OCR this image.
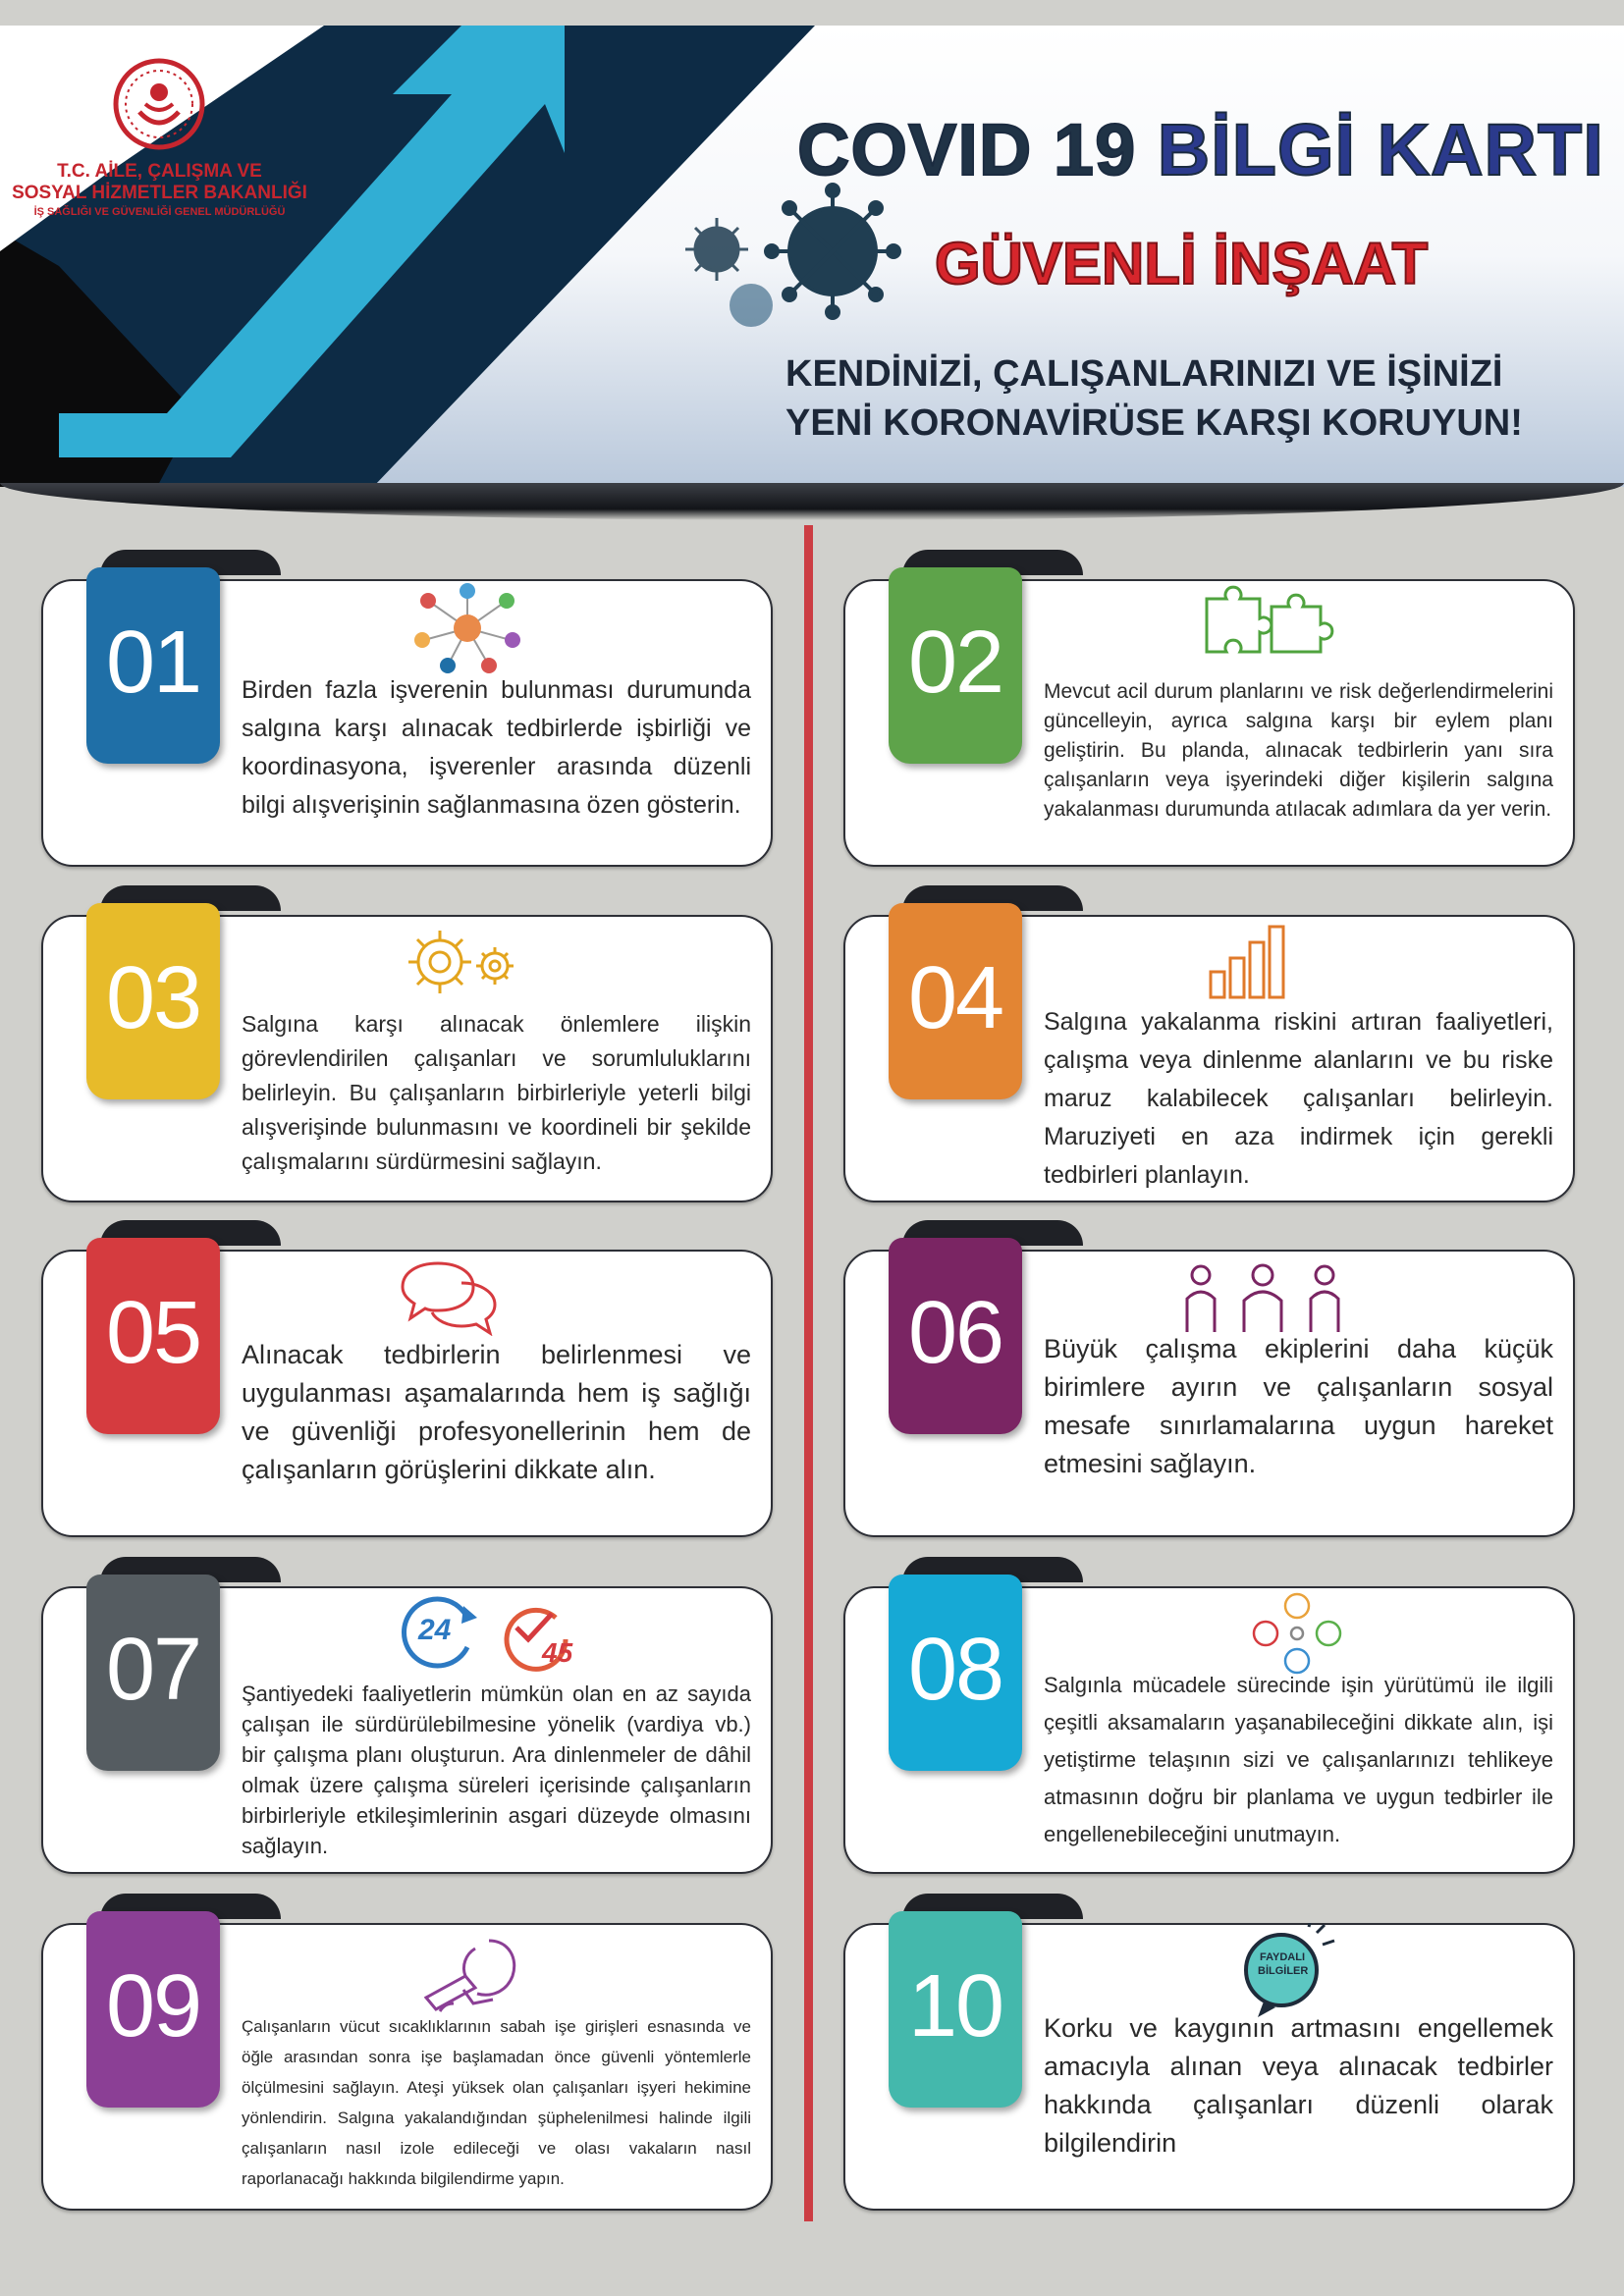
T.C. AİLE, ÇALIŞMA VE
SOSYAL HİZMETLER BAKANLIĞI
İŞ SAĞLIĞI VE GÜVENLİĞİ GENEL MÜDÜRLÜĞÜ
COVID 19 BİLGİ KARTI
GÜVENLİ İNŞAAT
KENDİNİZİ, ÇALIŞANLARINIZI VE İŞİNİZİ
YENİ KORONAVİRÜSE KARŞI KORUYUN!
01	Birden fazla işverenin bulunması durumunda salgına karşı alınacak tedbirlerde işbirliği ve koordinasyona, işverenler arasında düzenli bilgi alışverişinin sağlanmasına özen gösterin.
02	Mevcut acil durum planlarını ve risk değerlendirmelerini güncelleyin, ayrıca salgına karşı bir eylem planı geliştirin. Bu planda, alınacak tedbirlerin yanı sıra çalışanların veya işyerindeki diğer kişilerin salgına yakalanması durumunda atılacak adımlara da yer verin.
03	Salgına karşı alınacak önlemlere ilişkin görevlendirilen çalışanları ve sorumluluklarını belirleyin. Bu çalışanların birbirleriyle yeterli bilgi alışverişinde bulunmasını ve koordineli bir şekilde çalışmalarını sürdürmesini sağlayın.
04	Salgına yakalanma riskini artıran faaliyetleri, çalışma veya dinlenme alanlarını ve bu riske maruz kalabilecek çalışanları belirleyin. Maruziyeti en aza indirmek için gerekli tedbirleri planlayın.
05	Alınacak tedbirlerin belirlenmesi ve uygulanması aşamalarında hem iş sağlığı ve güvenliği profesyonellerinin hem de çalışanların görüşlerini dikkate alın.
06	Büyük çalışma ekiplerini daha küçük birimlere ayırın ve çalışanların sosyal mesafe sınırlamalarına uygun hareket etmesini sağlayın.
07	24
45
Şantiyedeki faaliyetlerin mümkün olan en az sayıda çalışan ile sürdürülebilmesine yönelik (vardiya vb.) bir çalışma planı oluşturun. Ara dinlenmeler de dâhil olmak üzere çalışma süreleri içerisinde çalışanların birbirleriyle etkileşimlerinin asgari düzeyde olmasını sağlayın.
08	Salgınla mücadele sürecinde işin yürütümü ile ilgili çeşitli aksamaların yaşanabileceğini dikkate alın, işi yetiştirme telaşının sizi ve çalışanlarınızı tehlikeye atmasının doğru bir planlama ve uygun tedbirler ile engellenebileceğini unutmayın.
09	Çalışanların vücut sıcaklıklarının sabah işe girişleri esnasında ve öğle arasından sonra işe başlamadan önce güvenli yöntemlerle ölçülmesini sağlayın. Ateşi yüksek olan çalışanları işyeri hekimine yönlendirin. Salgına yakalandığından şüphelenilmesi halinde ilgili çalışanların nasıl izole edileceği ve olası vakaların nasıl raporlanacağı hakkında bilgilendirme yapın.
10	FAYDALI BİLGİLER
Korku ve kaygının artmasını engellemek amacıyla alınan veya alınacak tedbirler hakkında çalışanları düzenli olarak bilgilendirin
